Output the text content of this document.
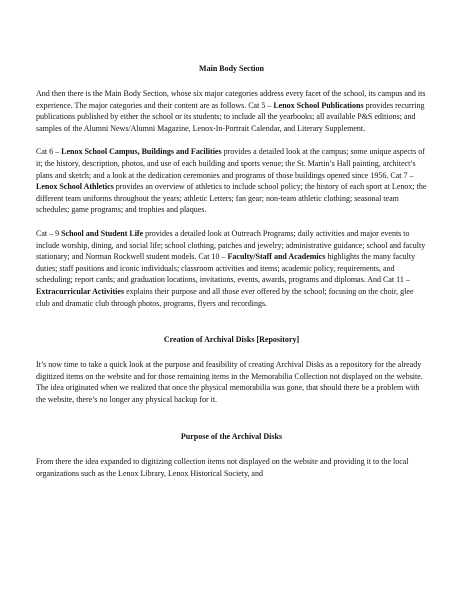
Main Body Section

And then there is the Main Body Section, whose six major categories address every facet of the school, its campus and its experience. The major categories and their content are as follows. Cat 5 – Lenox School Publications provides recurring publications published by either the school or its students; to include all the yearbooks; all available P&S editions; and samples of the Alumni News/Alumni Magazine, Lenox-In-Portrait Calendar, and Literary Supplement.

Cat 6 – Lenox School Campus, Buildings and Facilities provides a detailed look at the campus; some unique aspects of it; the history, description, photos, and use of each building and sports venue; the St. Martin’s Hall painting, architect’s plans and sketch; and a look at the dedication ceremonies and programs of those buildings opened since 1956. Cat 7 – Lenox School Athletics provides an overview of athletics to include school policy; the history of each sport at Lenox; the different team uniforms throughout the years; athletic Letters; fan gear; non-team athletic clothing; seasonal team schedules; game programs; and trophies and plaques.

Cat – 9 School and Student Life provides a detailed look at Outreach Programs; daily activities and major events to include worship, dining, and social life; school clothing, patches and jewelry; administrative guidance; school and faculty stationary; and Norman Rockwell student models. Cat 10 – Faculty/Staff and Academics highlights the many faculty duties; staff positions and iconic individuals; classroom activities and items; academic policy, requirements, and scheduling; report cards; and graduation locations, invitations, events, awards, programs and diplomas. And Cat 11 – Extracurricular Activities explains their purpose and all those ever offered by the school; focusing on the choir, glee club and dramatic club through photos, programs, flyers and recordings.

Creation of Archival Disks [Repository]

It’s now time to take a quick look at the purpose and feasibility of creating Archival Disks as a repository for the already digitized items on the website and for those remaining items in the Memorabilia Collection not displayed on the website. The idea originated when we realized that once the physical memorabilia was gone, that should there be a problem with the website, there’s no longer any physical backup for it.

Purpose of the Archival Disks

From there the idea expanded to digitizing collection items not displayed on the website and providing it to the local organizations such as the Lenox Library, Lenox Historical Society, and
